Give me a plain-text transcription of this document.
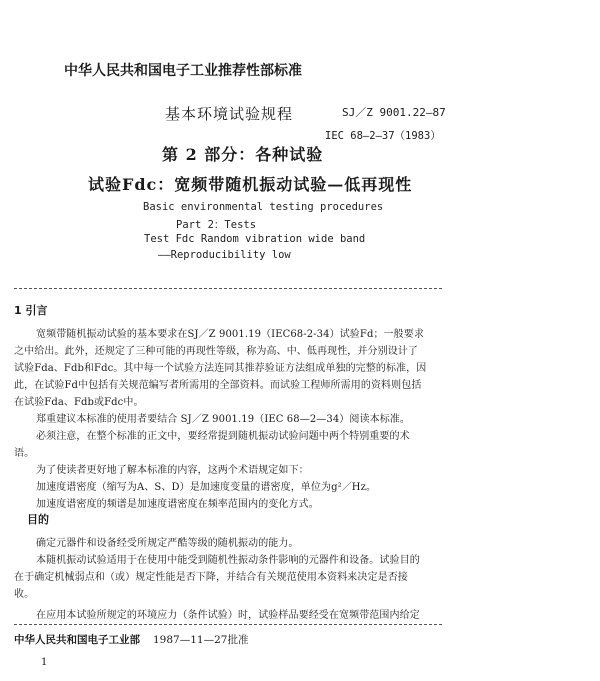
中华人民共和国电子工业推荐性部标准
基本环境试验规程	SJ／Z 9001.22—87
IEC 68—2—37（1983）
第 2 部分：各种试验
试验Fdc：宽频带随机振动试验—低再现性
Basic environmental testing procedures
Part 2：Tests
Test Fdc Random vibration wide band
——Reproducibility low
1 引言
宽频带随机振动试验的基本要求在SJ／Z 9001.19（IEC68-2-34）试验Fd；一般要求
之中给出。此外，还规定了三种可能的再现性等级，称为高、中、低再现性，并分别设计了
试验Fda、Fdb和Fdc。其中每一个试验方法连同其推荐验证方法组成单独的完整的标准，因
此，在试验Fd中包括有关规范编写者所需用的全部资料。而试验工程师所需用的资料则包括
在试验Fda、Fdb或Fdc中。
郑重建议本标准的使用者要结合 SJ／Z 9001.19（IEC 68—2—34）阅读本标准。
必须注意，在整个标准的正文中，要经常提到随机振动试验问题中两个特别重要的术
语。
为了使读者更好地了解本标准的内容，这两个术语规定如下：
加速度谱密度（缩写为A、S、D）是加速度变量的谱密度，单位为g²／Hz。
加速度谱密度的频谱是加速度谱密度在频率范围内的变化方式。
目的
确定元器件和设备经受所规定严酷等级的随机振动的能力。
本随机振动试验适用于在使用中能受到随机性振动条件影响的元器件和设备。试验目的
在于确定机械弱点和（或）规定性能是否下降，并结合有关规范使用本资料来决定是否接
收。
在应用本试验所规定的环境应力（条件试验）时，试验样品要经受在宽频带范围内给定
中华人民共和国电子工业部 1987—11—27批准
1
